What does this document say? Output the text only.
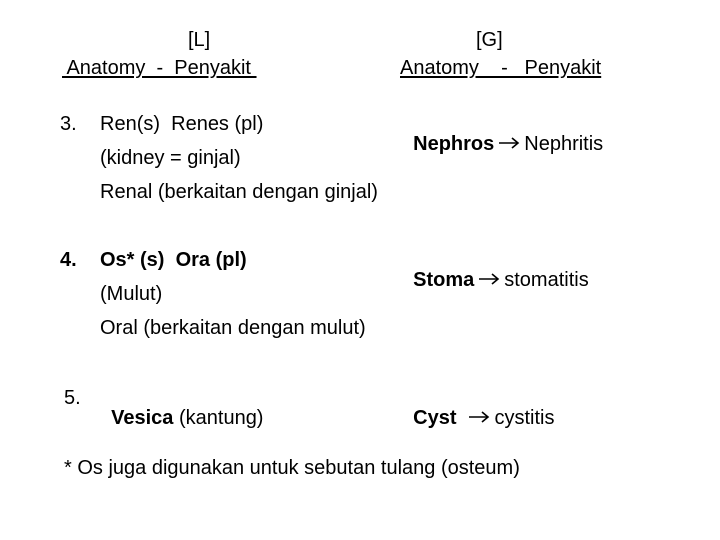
[L]
Anatomy  -  Penyakit
[G]
Anatomy    -   Penyakit
3. Ren(s)  Renes (pl)
(kidney = ginjal)
Renal (berkaitan dengan ginjal)

Nephros Nephritis

4. Os* (s)  Ora (pl)
(Mulut)
Oral (berkaitan dengan mulut)

Stoma stomatitis

5.

Vesica (kantung)	Cyst cystitis

* Os juga digunakan untuk sebutan tulang (osteum)
